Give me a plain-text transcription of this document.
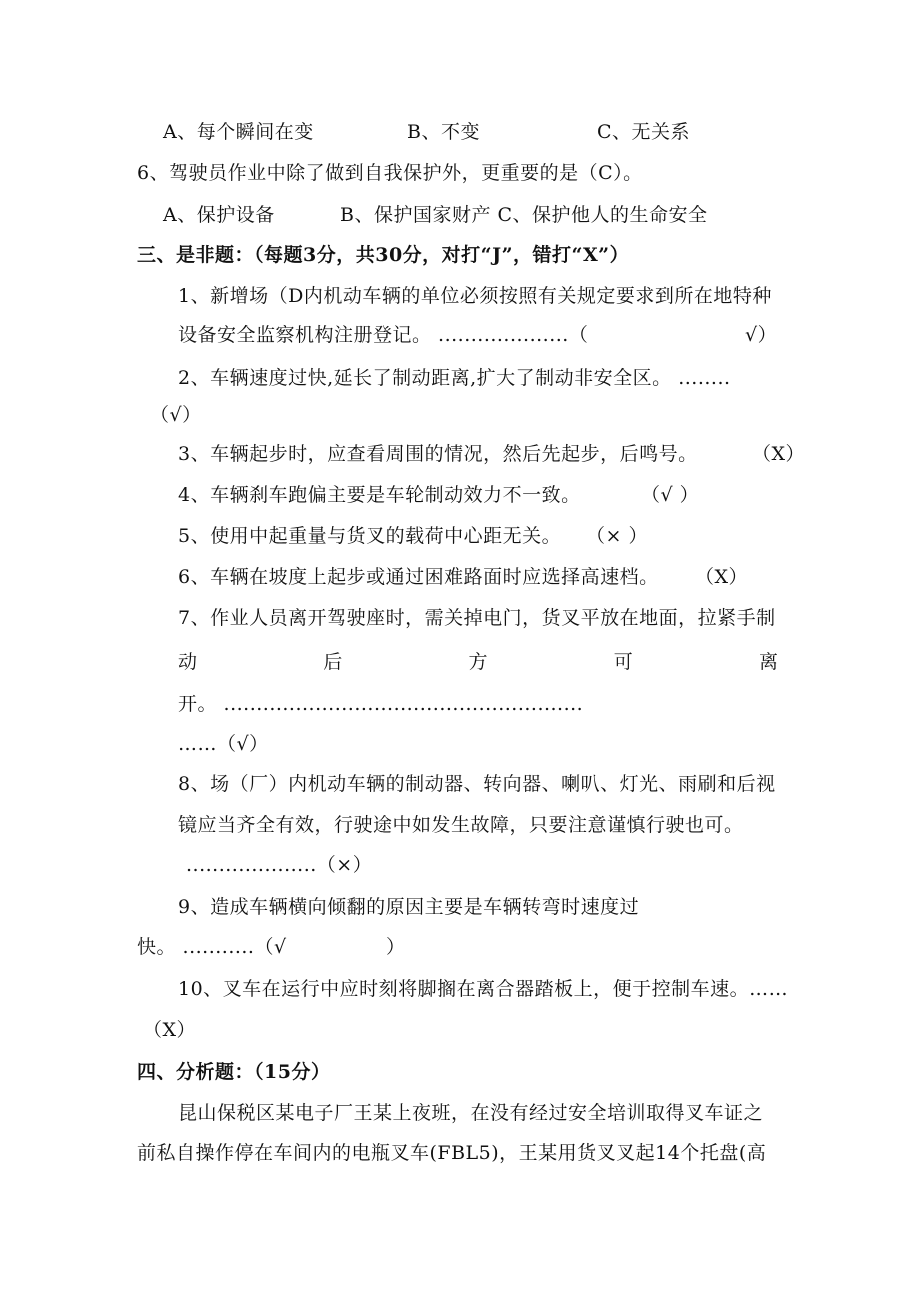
A、每个瞬间在变	B、不变	C、无关系
6、驾驶员作业中除了做到自我保护外，更重要的是（C）。
A、保护设备	B、保护国家财产 C、保护他人的生命安全
三、是非题：（每题3分，共30分，对打“J”，错打“X”）
1、新增场（D内机动车辆的单位必须按照有关规定要求到所在地特种
设备安全监察机构注册登记。 ....................（	√）
2、车辆速度过快,延长了制动距离,扩大了制动非安全区。 ........
（√）
3、车辆起步时，应查看周围的情况，然后先起步，后鸣号。	（X）
4、车辆刹车跑偏主要是车轮制动效力不一致。	（√ ）
5、使用中起重量与货叉的载荷中心距无关。 （× ）
6、车辆在坡度上起步或通过困难路面时应选择高速档。 （X）
7、作业人员离开驾驶座时，需关掉电门，货叉平放在地面，拉紧手制
动	后	方	可	离
开。 .......................................................
……（√）
8、场（厂）内机动车辆的制动器、转向器、喇叭、灯光、雨刷和后视
镜应当齐全有效，行驶途中如发生故障，只要注意谨慎行驶也可。
....................（×）
9、造成车辆横向倾翻的原因主要是车辆转弯时速度过
快。 ...........（√	）
10、叉车在运行中应时刻将脚搁在离合器踏板上，便于控制车速。……
（X）
四、分析题：（15分）
昆山保税区某电子厂王某上夜班，在没有经过安全培训取得叉车证之
前私自操作停在车间内的电瓶叉车(FBL5)，王某用货叉叉起14个托盘(高
